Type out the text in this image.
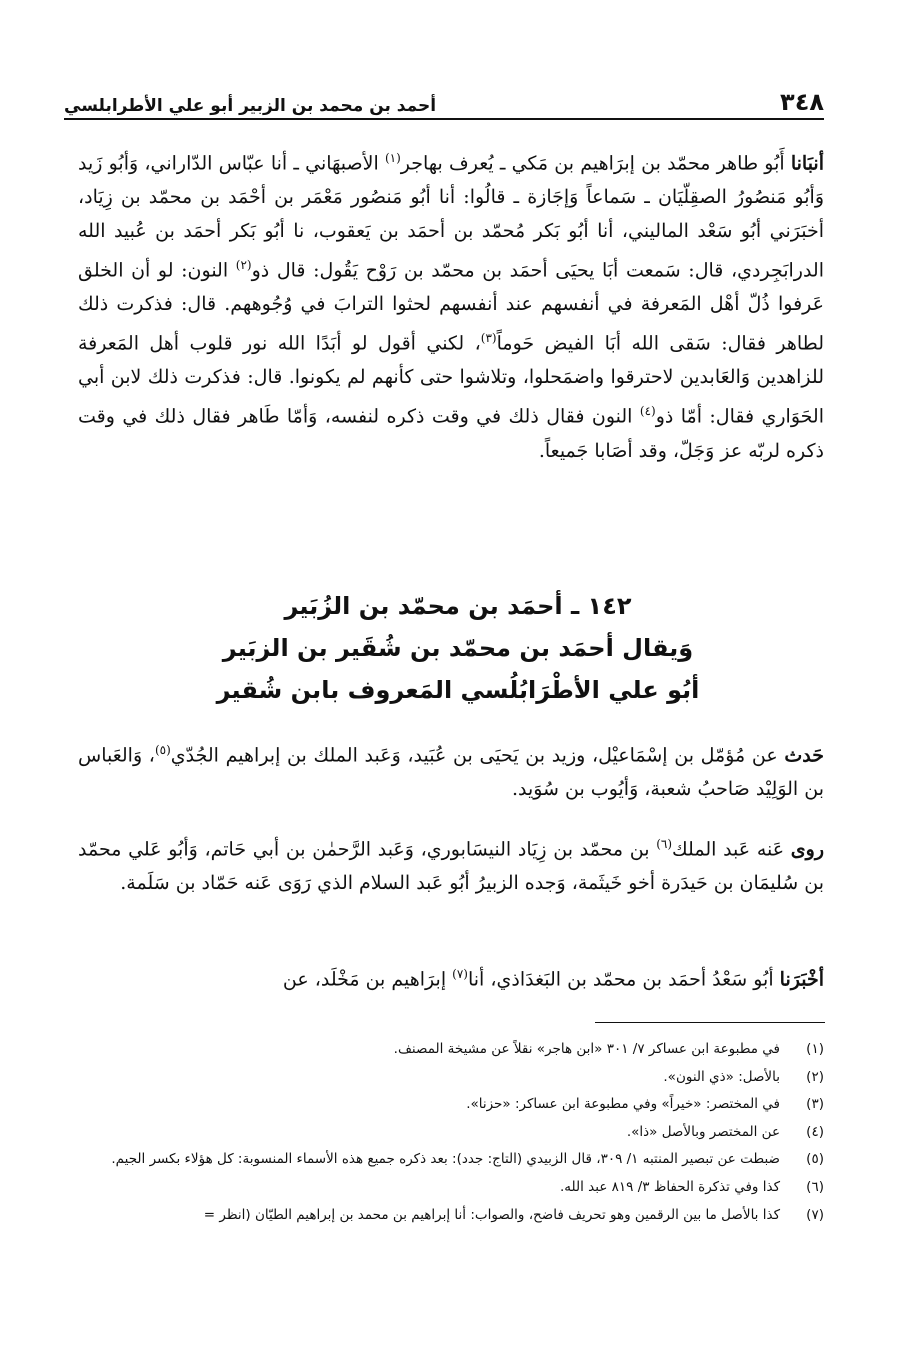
٣٤٨
أحمد بن محمد بن الزبير أبو علي الأطرابلسي

أنبَانا أَبُو طاهر محمّد بن إبرَاهيم بن مَكي ـ يُعرف بهاجر$^{(١)}$ الأصبهَاني ـ أنا عبّاس الدّاراني، وَأبُو زَيد وَأبُو مَنصُورُ الصقِلّيَان ـ سَماعاً وَإجَازة ـ قالُوا: أنا أبُو مَنصُور مَعْمَر بن أحْمَد بن محمّد بن زِيَاد، أخبَرَني أبُو سَعْد الماليني، أنا أبُو بَكر مُحمّد بن أحمَد بن يَعقوب، نا أبُو بَكر أحمَد بن عُبيد الله الدرابَجِردي، قال: سَمعت أبَا يحيَى أحمَد بن محمّد بن رَوْح يَقُول: قال ذو$^{(٢)}$ النون: لو أن الخلق عَرفوا ذُلّ أهْل المَعرفة في أنفسهم عند أنفسهم لحثوا الترابَ في وُجُوههم. قال: فذكرت ذلك لطاهر فقال: سَقى الله أبَا الفيض حَوماً$^{(٣)}$، لكني أقول لو أبَدًا الله نور قلوب أهل المَعرفة للزاهدين وَالعَابدين لاحترقوا واضمَحلوا، وتلاشوا حتى كأنهم لم يكونوا. قال: فذكرت ذلك لابن أبي الحَوَاري فقال: أمّا ذو$^{(٤)}$ النون فقال ذلك في وقت ذكره لنفسه، وَأمّا طَاهر فقال ذلك في وقت ذكره لربّه عز وَجَلّ، وقد أصَابا جَميعاً.

١٤٢ ـ أحمَد بن محمّد بن الزُبَير
وَيقال أحمَد بن محمّد بن شُقَير بن الزبَير
أبُو علي الأطْرَابُلُسي المَعروف بابن شُقير

حَدث عن مُؤمّل بن إسْمَاعيْل، وزيد بن يَحيَى بن عُبَيد، وَعَبد الملك بن إبراهيم الجُدّي$^{(٥)}$، وَالعَباس بن الوَلِيْد صَاحبُ شعبة، وَأيُوب بن سُوَيد.

روى عَنه عَبد الملك$^{(٦)}$ بن محمّد بن زِيَاد النيسَابوري، وَعَبد الرَّحمٰن بن أبي حَاتم، وَأبُو عَلي محمّد بن سُليمَان بن حَيدَرة أخو خَيثَمة، وَجده الزبيرُ أبُو عَبد السلام الذي رَوَى عَنه حَمّاد بن سَلَمة.

أخْبَرَنا أبُو سَعْدُ أحمَد بن محمّد بن البَغدَاذي، أنا$^{(٧)}$ إبرَاهيم بن مَخْلَد، عن

(١)
في مطبوعة ابن عساكر ٧/ ٣٠١ «ابن هاجر» نقلاً عن مشيخة المصنف.
(٢)
بالأصل: «ذي النون».
(٣)
في المختصر: «خيراً» وفي مطبوعة ابن عساكر: «حزنا».
(٤)
عن المختصر وبالأصل «ذا».
(٥)
ضبطت عن تبصير المنتبه ١/ ٣٠٩، قال الزبيدي (التاج: جدد): بعد ذكره جميع هذه الأسماء المنسوبة: كل هؤلاء بكسر الجيم.
(٦)
كذا وفي تذكرة الحفاظ ٣/ ٨١٩ عبد الله.
(٧)
كذا بالأصل ما بين الرقمين وهو تحريف فاضح، والصواب: أنا إبراهيم بن محمد بن إبراهيم الطيّان (انظر =
